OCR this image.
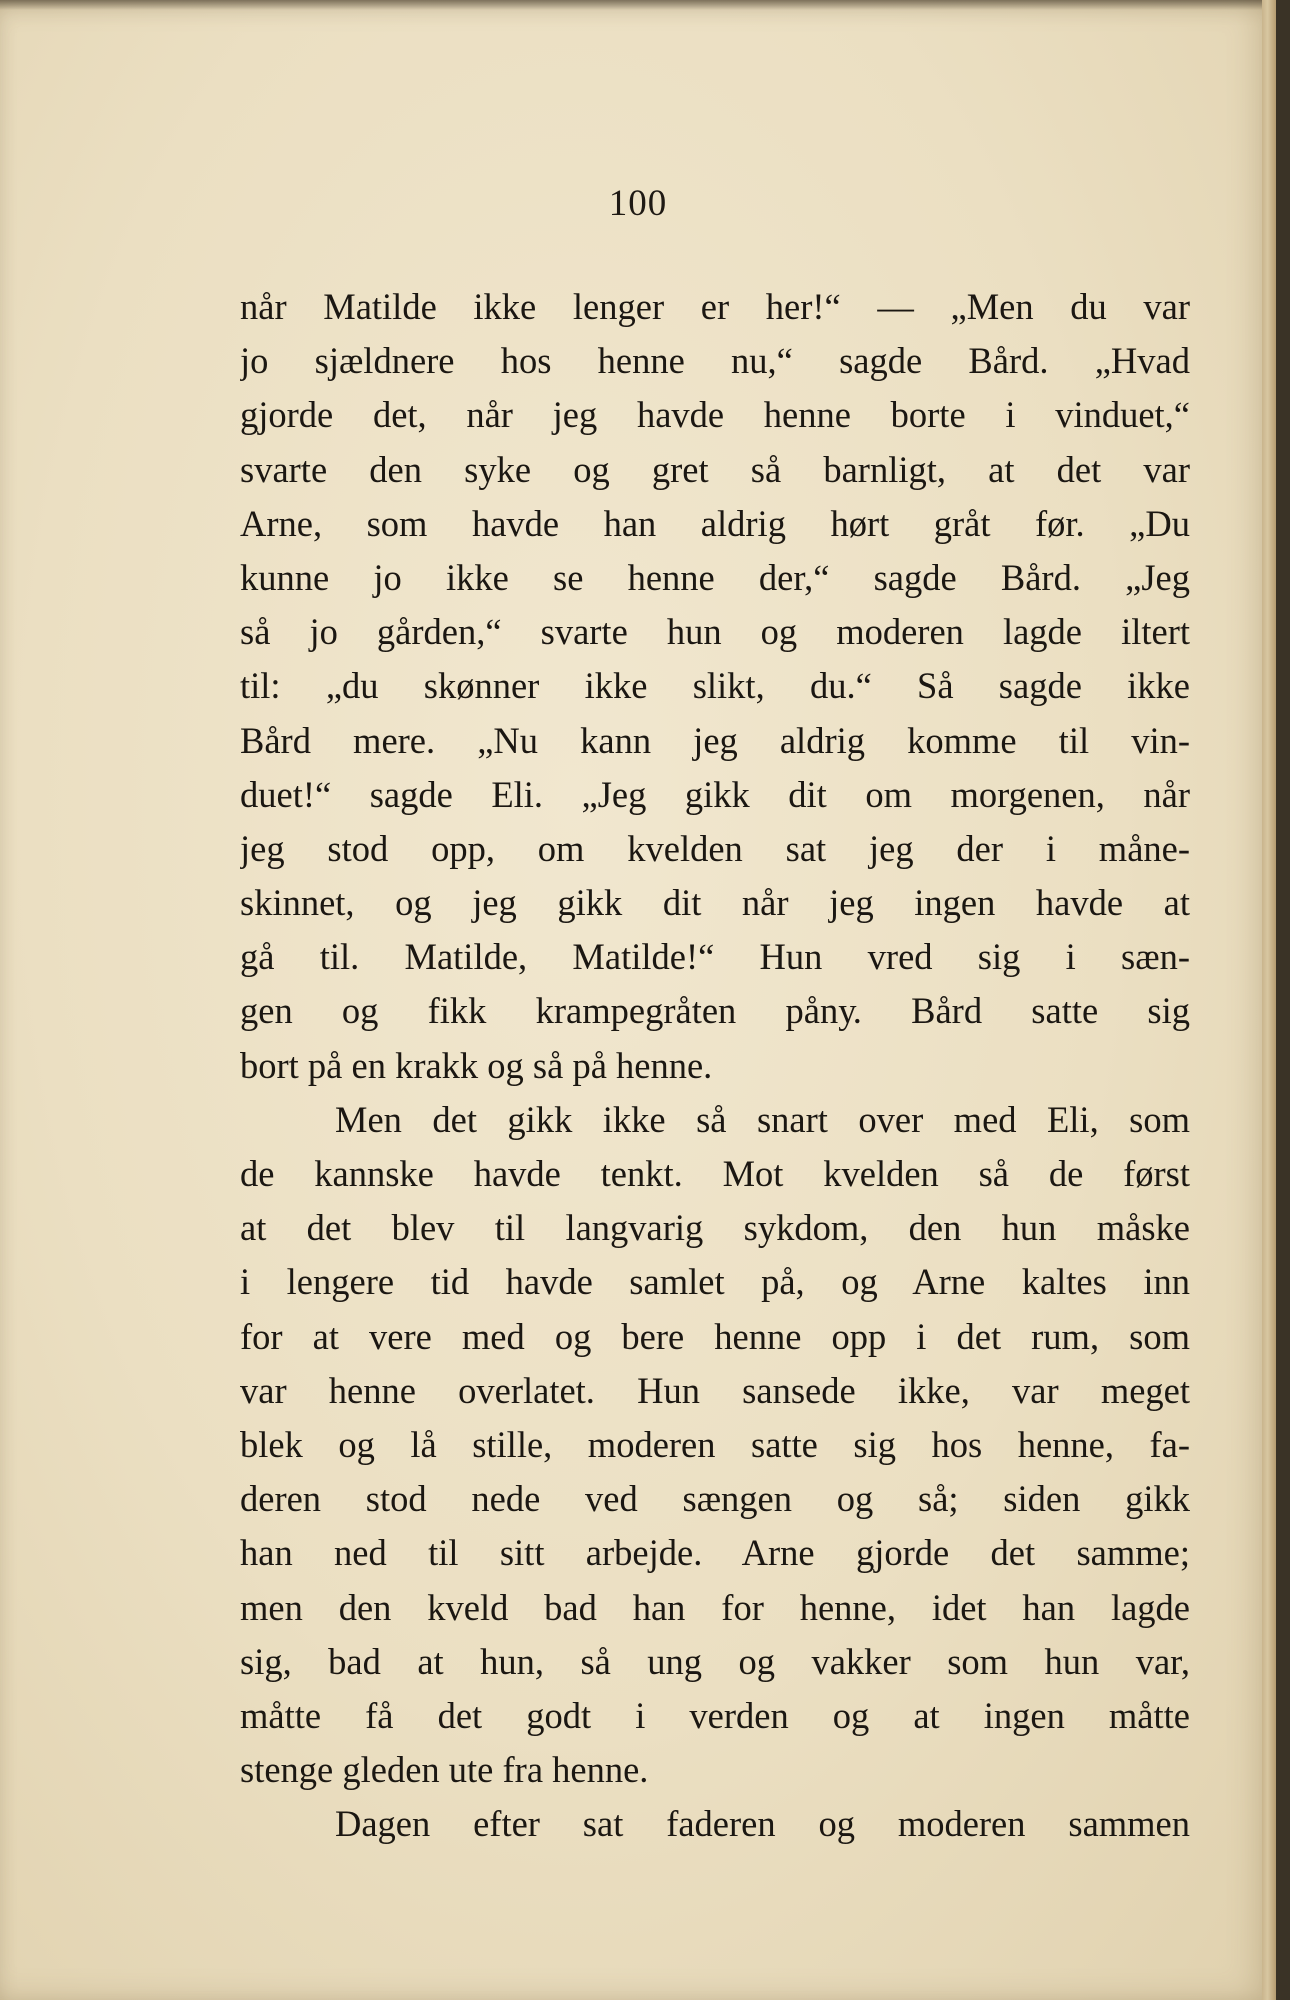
100
når Matilde ikke lenger er her!“ — „Men du var
jo sjældnere hos henne nu,“ sagde Bård. „Hvad
gjorde det, når jeg havde henne borte i vinduet,“
svarte den syke og gret så barnligt, at det var
Arne, som havde han aldrig hørt gråt før. „Du
kunne jo ikke se henne der,“ sagde Bård. „Jeg
så jo gården,“ svarte hun og moderen lagde iltert
til: „du skønner ikke slikt, du.“ Så sagde ikke
Bård mere. „Nu kann jeg aldrig komme til vin-
duet!“ sagde Eli. „Jeg gikk dit om morgenen, når
jeg stod opp, om kvelden sat jeg der i måne-
skinnet, og jeg gikk dit når jeg ingen havde at
gå til. Matilde, Matilde!“ Hun vred sig i sæn-
gen og fikk krampegråten pånу. Bård satte sig
bort på en krakk og så på henne.
Men det gikk ikke så snart over med Eli, som
de kannske havde tenkt. Mot kvelden så de først
at det blev til langvarig sykdom, den hun måske
i lengere tid havde samlet på, og Arne kaltes inn
for at vere med og bere henne opp i det rum, som
var henne overlatet. Hun sansede ikke, var meget
blek og lå stille, moderen satte sig hos henne, fa-
deren stod nede ved sængen og så; siden gikk
han ned til sitt arbejde. Arne gjorde det samme;
men den kveld bad han for henne, idet han lagde
sig, bad at hun, så ung og vakker som hun var,
måtte få det godt i verden og at ingen måtte
stenge gleden ute fra henne.
Dagen efter sat faderen og moderen sammen
